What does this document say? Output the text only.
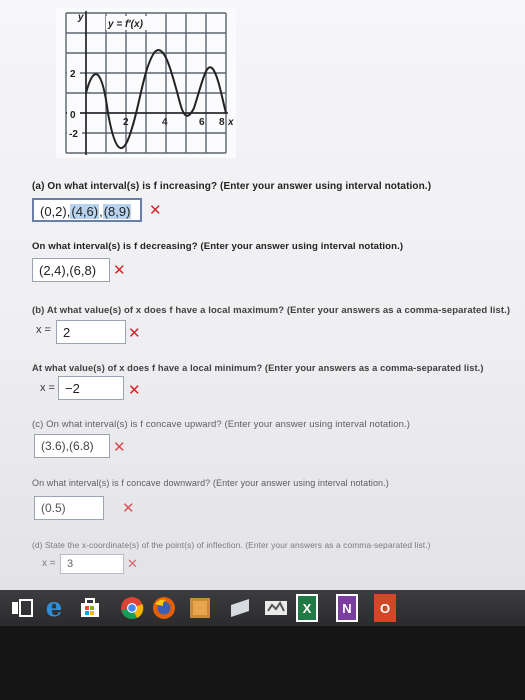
y = f′(x)
y
2
0
-2
2	4	6 8 x
(a) On what interval(s) is f increasing? (Enter your answer using interval notation.)
(0,2),(4,6),(8,9)	✕
On what interval(s) is f decreasing? (Enter your answer using interval notation.)
(2,4),(6,8)	✕
(b) At what value(s) of x does f have a local maximum? (Enter your answers as a comma-separated list.)
x = 2	✕
At what value(s) of x does f have a local minimum? (Enter your answers as a comma-separated list.)
x = −2	✕
(c) On what interval(s) is f concave upward? (Enter your answer using interval notation.)
(3.6),(6.8)	✕
On what interval(s) is f concave downward? (Enter your answer using interval notation.)
(0.5)	✕
(d) State the x-coordinate(s) of the point(s) of inflection. (Enter your answers as a comma-separated list.)
x =	3	✕
e	X	N	O
